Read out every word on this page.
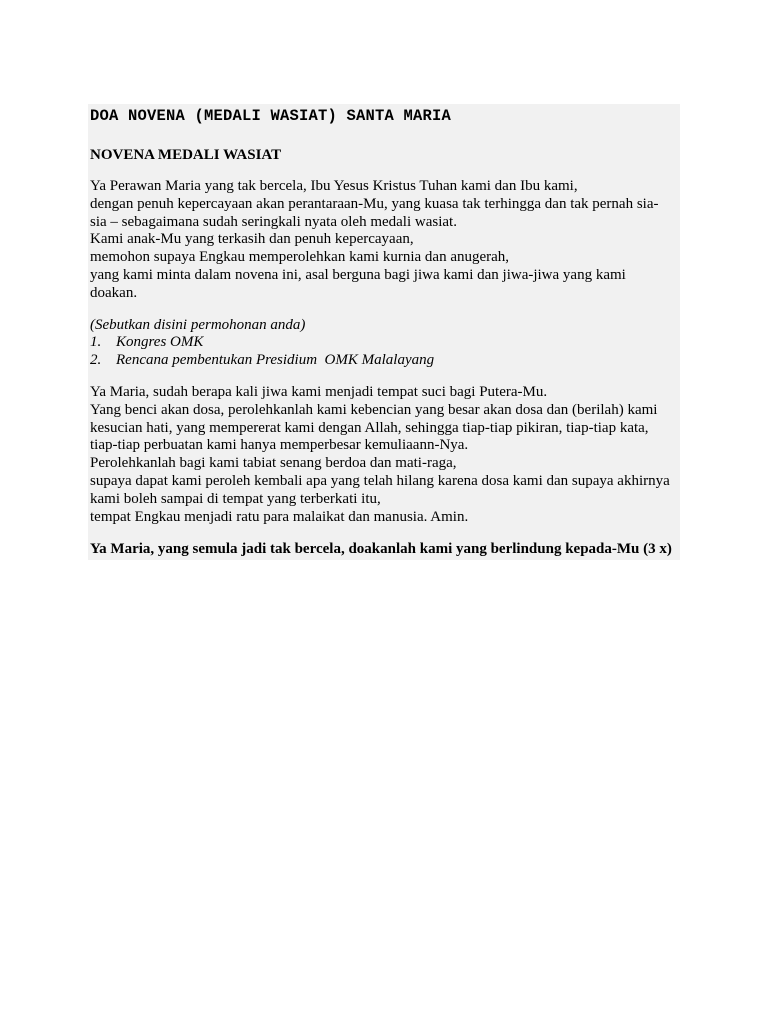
DOA NOVENA (MEDALI WASIAT) SANTA MARIA
NOVENA MEDALI WASIAT
Ya Perawan Maria yang tak bercela, Ibu Yesus Kristus Tuhan kami dan Ibu kami,
dengan penuh kepercayaan akan perantaraan-Mu, yang kuasa tak terhingga dan tak pernah sia-
sia – sebagaimana sudah seringkali nyata oleh medali wasiat.
Kami anak-Mu yang terkasih dan penuh kepercayaan,
memohon supaya Engkau memperolehkan kami kurnia dan anugerah,
yang kami minta dalam novena ini, asal berguna bagi jiwa kami dan jiwa-jiwa yang kami
doakan.
(Sebutkan disini permohonan anda)
1. Kongres OMK
2. Rencana pembentukan Presidium  OMK Malalayang
Ya Maria, sudah berapa kali jiwa kami menjadi tempat suci bagi Putera-Mu.
Yang benci akan dosa, perolehkanlah kami kebencian yang besar akan dosa dan (berilah) kami
kesucian hati, yang mempererat kami dengan Allah, sehingga tiap-tiap pikiran, tiap-tiap kata,
tiap-tiap perbuatan kami hanya memperbesar kemuliaann-Nya.
Perolehkanlah bagi kami tabiat senang berdoa dan mati-raga,
supaya dapat kami peroleh kembali apa yang telah hilang karena dosa kami dan supaya akhirnya
kami boleh sampai di tempat yang terberkati itu,
tempat Engkau menjadi ratu para malaikat dan manusia. Amin.
Ya Maria, yang semula jadi tak bercela, doakanlah kami yang berlindung kepada-Mu (3 x)
